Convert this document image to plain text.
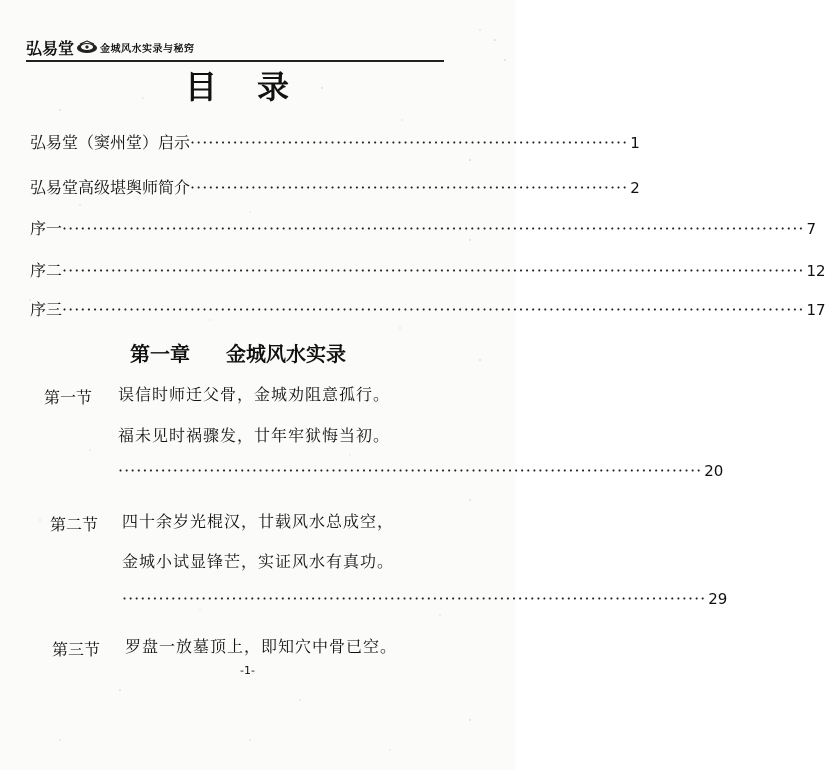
弘易堂	金城风水实录与秘窍
目录
弘易堂（窦州堂）启示 ········································································ 1
弘易堂高级堪舆师简介 ········································································ 2
序一 ·························································································································· 7
序二 ·························································································································· 12
序三 ·························································································································· 17
第一章 金城风水实录
第一节 误信时师迁父骨，金城劝阻意孤行。
福未见时祸骤发，廿年牢狱悔当初。
································································································ 20
第二节 四十余岁光棍汉，廿载风水总成空，
金城小试显锋芒，实证风水有真功。
································································································ 29
第三节 罗盘一放墓顶上，即知穴中骨已空。
-1-
